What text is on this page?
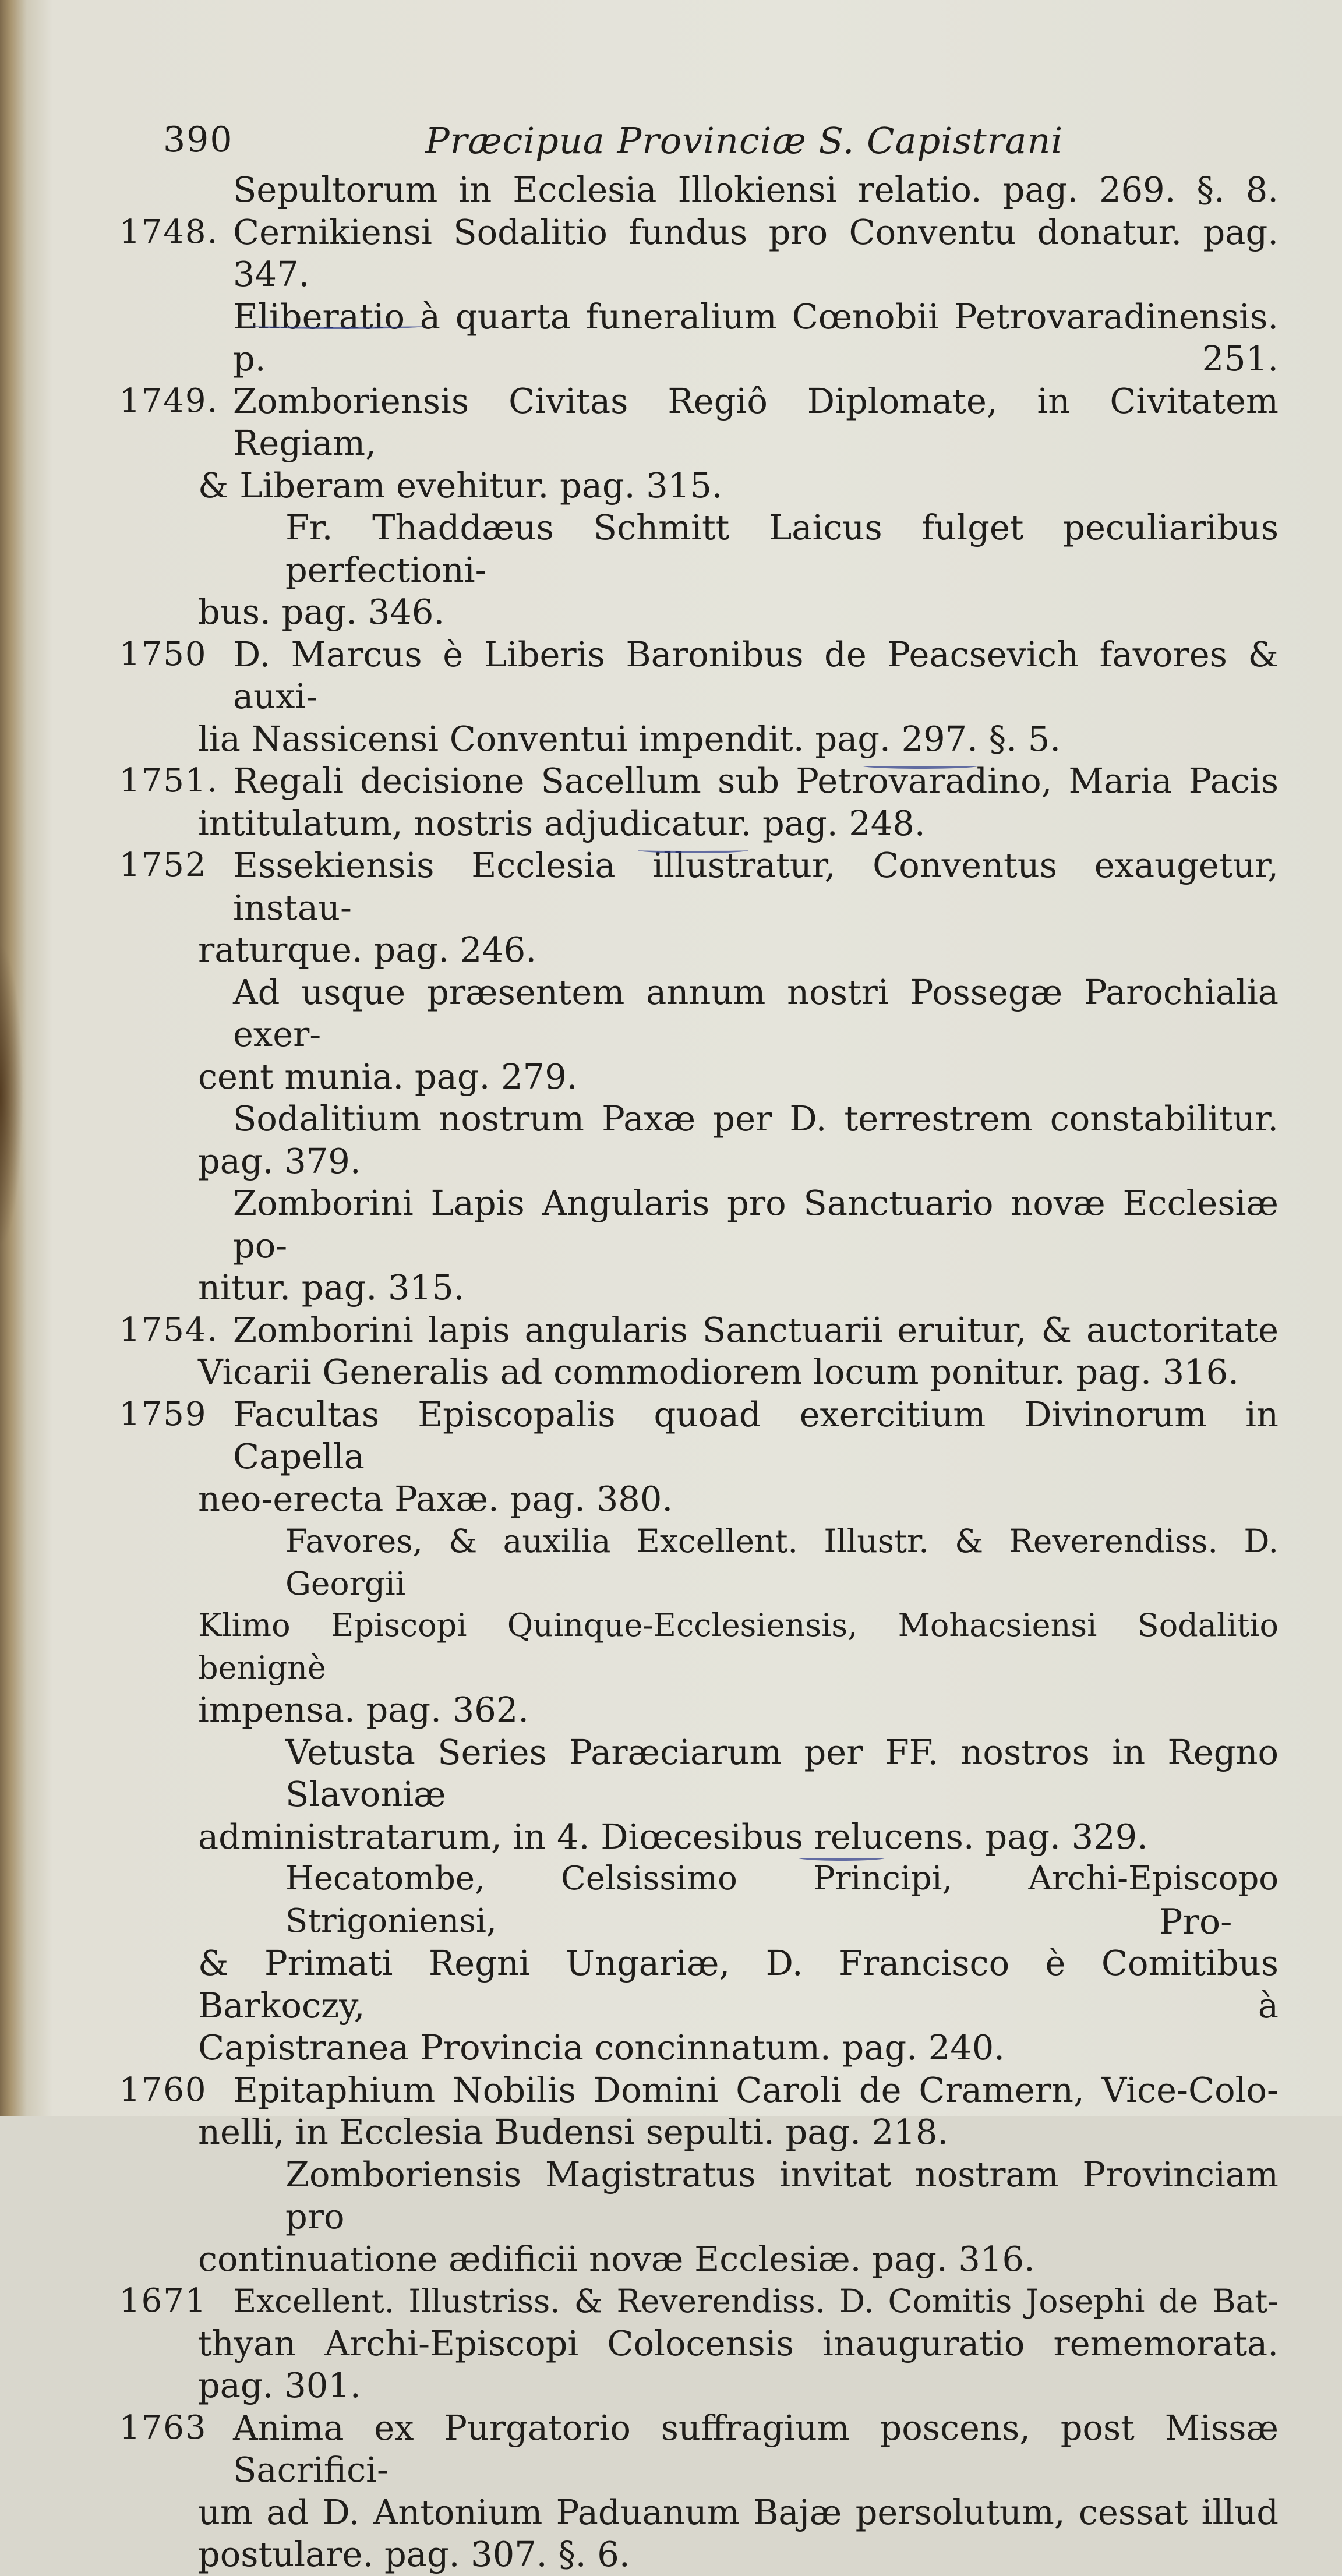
390	Præcipua Provinciæ S. Capistrani
Sepultorum in Ecclesia Illokiensi relatio. pag. 269. §. 8.
1748. Cernikiensi Sodalitio fundus pro Conventu donatur. pag. 347.
Eliberatio à quarta funeralium Cœnobii Petrovaradinensis. p. 251.
1749. Zomboriensis Civitas Regiô Diplomate, in Civitatem Regiam,
& Liberam evehitur. pag. 315.
Fr. Thaddæus Schmitt Laicus fulget peculiaribus perfectioni-
bus. pag. 346.
1750 D. Marcus è Liberis Baronibus de Peacsevich favores & auxi-
lia Nassicensi Conventui impendit. pag. 297. §. 5.
1751. Regali decisione Sacellum sub Petrovaradino, Maria Pacis
intitulatum, nostris adjudicatur. pag. 248.
1752 Essekiensis Ecclesia illustratur, Conventus exaugetur, instau-
raturque. pag. 246.
Ad usque præsentem annum nostri Possegæ Parochialia exer-
cent munia. pag. 279.
Sodalitium nostrum Paxæ per D. terrestrem constabilitur.
pag. 379.
Zomborini Lapis Angularis pro Sanctuario novæ Ecclesiæ po-
nitur. pag. 315.
1754. Zomborini lapis angularis Sanctuarii eruitur, & auctoritate
Vicarii Generalis ad commodiorem locum ponitur. pag. 316.
1759 Facultas Episcopalis quoad exercitium Divinorum in Capella
neo-erecta Paxæ. pag. 380.
Favores, & auxilia Excellent. Illustr. & Reverendiss. D. Georgii
Klimo Episcopi Quinque-Ecclesiensis, Mohacsiensi Sodalitio benignè
impensa. pag. 362.
Vetusta Series Paræciarum per FF. nostros in Regno Slavoniæ
administratarum, in 4. Diœcesibus relucens. pag. 329.
Hecatombe, Celsissimo Principi, Archi-Episcopo Strigoniensi,
& Primati Regni Ungariæ, D. Francisco è Comitibus Barkoczy, à
Capistranea Provincia concinnatum. pag. 240.
1760 Epitaphium Nobilis Domini Caroli de Cramern, Vice-Colo-
nelli, in Ecclesia Budensi sepulti. pag. 218.
Zomboriensis Magistratus invitat nostram Provinciam pro
continuatione ædificii novæ Ecclesiæ. pag. 316.
1671 Excellent. Illustriss. & Reverendiss. D. Comitis Josephi de Bat-
thyan Archi-Episcopi Colocensis inauguratio rememorata.
pag. 301.
1763 Anima ex Purgatorio suffragium poscens, post Missæ Sacrifici-
um ad D. Antonium Paduanum Bajæ persolutum, cessat illud
postulare. pag. 307. §. 6.
Pro-
